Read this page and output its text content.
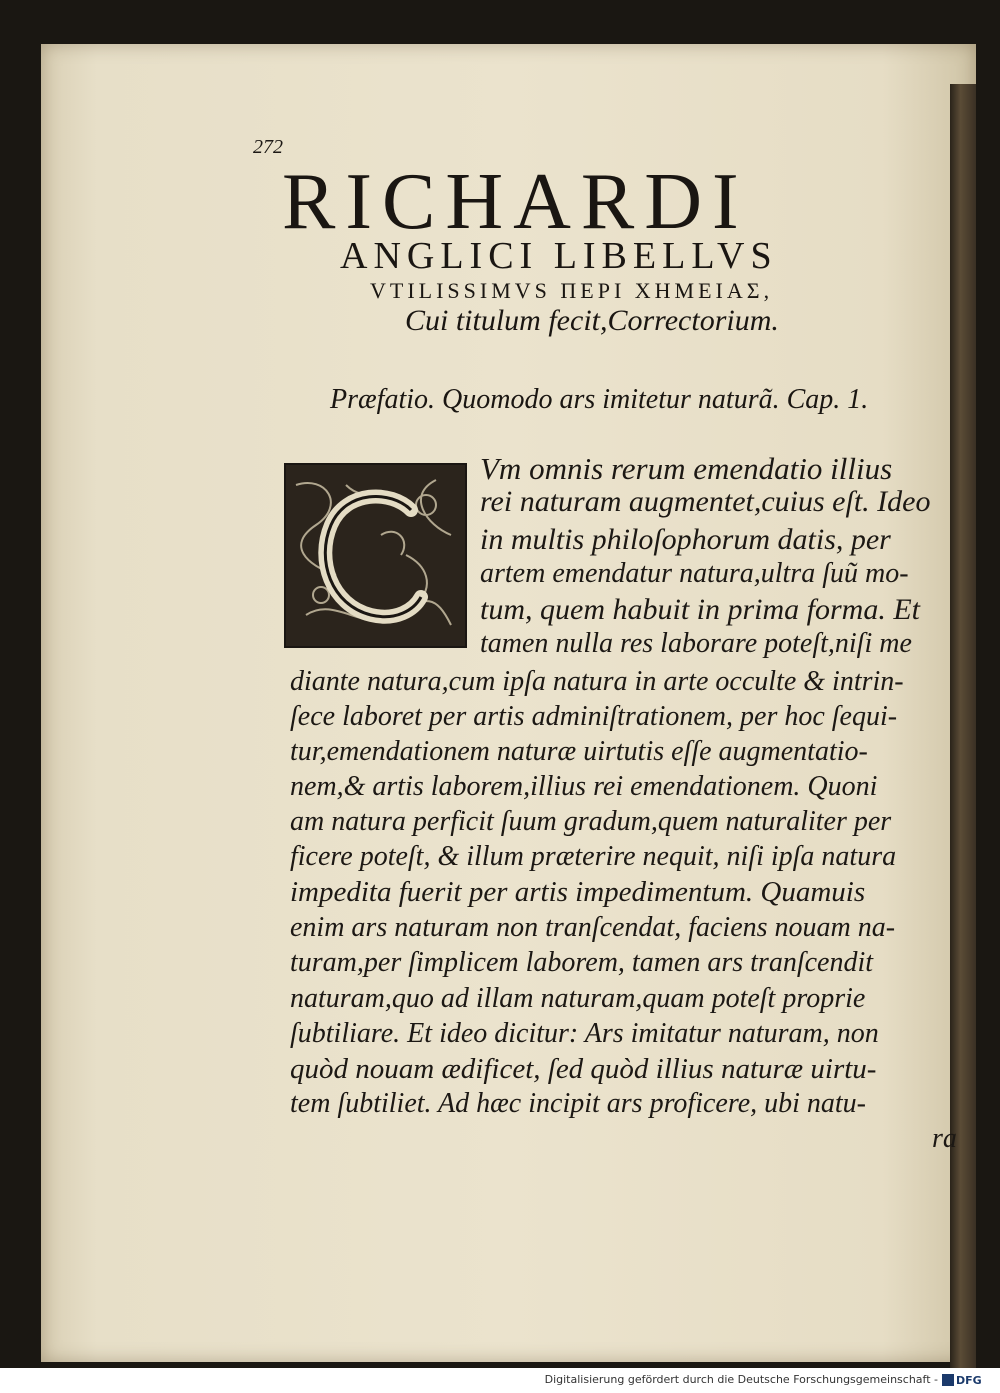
272
RICHARDI
ANGLICI LIBELLVS
VTILISSIMVS ΠΕΡΙ ΧΗΜΕΙΑΣ,
Cui titulum fecit,Correctorium.
Præfatio. Quomodo ars imitetur naturã. Cap. 1.
Vm omnis rerum emendatio illius
rei naturam augmentet,cuius eſt. Ideo
in multis philoſophorum datis, per
artem emendatur natura,ultra ſuũ mo-
tum, quem habuit in prima forma. Et
tamen nulla res laborare poteſt,niſi me
diante natura,cum ipſa natura in arte occulte & intrin-
ſece laboret per artis adminiſtrationem, per hoc ſequi-
tur,emendationem naturæ uirtutis eſſe augmentatio-
nem,& artis laborem,illius rei emendationem. Quoni
am natura perficit ſuum gradum,quem naturaliter per
ficere poteſt, & illum præterire nequit, niſi ipſa natura
impedita fuerit per artis impedimentum. Quamuis
enim ars naturam non tranſcendat, faciens nouam na-
turam,per ſimplicem laborem, tamen ars tranſcendit
naturam,quo ad illam naturam,quam poteſt proprie
ſubtiliare. Et ideo dicitur: Ars imitatur naturam, non
quòd nouam ædificet, ſed quòd illius naturæ uirtu-
tem ſubtiliet. Ad hæc incipit ars proficere, ubi natu-
ra
Digitalisierung gefördert durch die Deutsche Forschungsgemeinschaft - DFG
